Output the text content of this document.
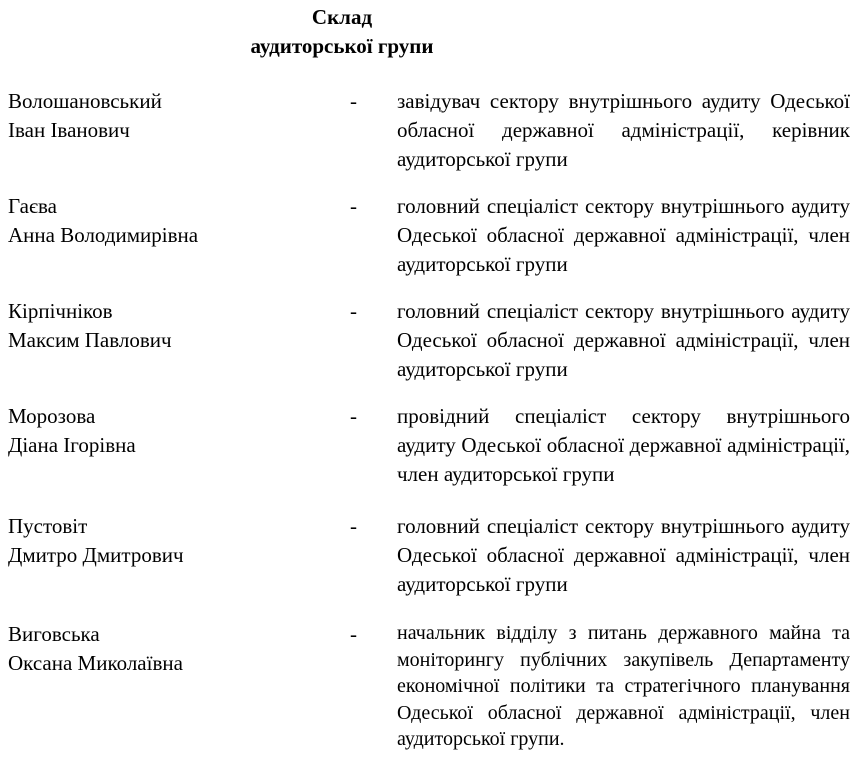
Склад
аудиторської групи
Волошановський
Іван Іванович
- завідувач сектору внутрішнього аудиту Одеської обласної державної адміністрації, керівник аудиторської групи
Гаєва
Анна Володимирівна
- головний спеціаліст сектору внутрішнього аудиту Одеської обласної державної адміністрації, член аудиторської групи
Кірпічніков
Максим Павлович
- головний спеціаліст сектору внутрішнього аудиту Одеської обласної державної адміністрації, член аудиторської групи
Морозова
Діана Ігорівна
- провідний спеціаліст сектору внутрішнього аудиту Одеської обласної державної адміністрації, член аудиторської групи
Пустовіт
Дмитро Дмитрович
- головний спеціаліст сектору внутрішнього аудиту Одеської обласної державної адміністрації, член аудиторської групи
Виговська
Оксана Миколаївна
- начальник відділу з питань державного майна та моніторингу публічних закупівель Департаменту економічної політики та стратегічного планування Одеської обласної державної адміністрації, член аудиторської групи.
